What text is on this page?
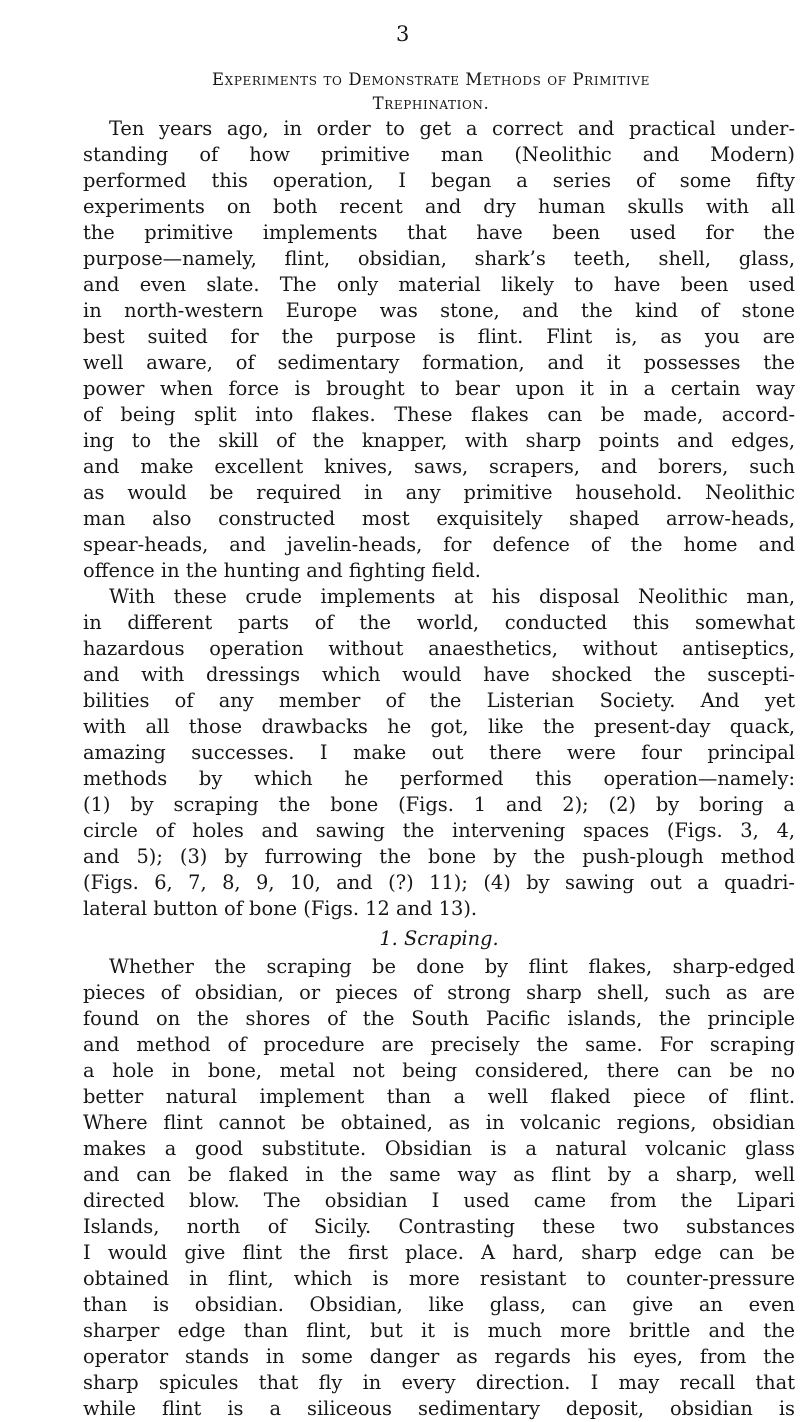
3
Experiments to Demonstrate Methods of Primitive
Trephination.
Ten years ago, in order to get a correct and practical under-
standing of how primitive man (Neolithic and Modern)
performed this operation, I began a series of some fifty
experiments on both recent and dry human skulls with all
the primitive implements that have been used for the
purpose—namely, flint, obsidian, shark’s teeth, shell, glass,
and even slate. The only material likely to have been used
in north-western Europe was stone, and the kind of stone
best suited for the purpose is flint. Flint is, as you are
well aware, of sedimentary formation, and it possesses the
power when force is brought to bear upon it in a certain way
of being split into flakes. These flakes can be made, accord-
ing to the skill of the knapper, with sharp points and edges,
and make excellent knives, saws, scrapers, and borers, such
as would be required in any primitive household. Neolithic
man also constructed most exquisitely shaped arrow-heads,
spear-heads, and javelin-heads, for defence of the home and
offence in the hunting and fighting field.
With these crude implements at his disposal Neolithic man,
in different parts of the world, conducted this somewhat
hazardous operation without anaesthetics, without antiseptics,
and with dressings which would have shocked the suscepti-
bilities of any member of the Listerian Society. And yet
with all those drawbacks he got, like the present-day quack,
amazing successes. I make out there were four principal
methods by which he performed this operation—namely:
(1) by scraping the bone (Figs. 1 and 2); (2) by boring a
circle of holes and sawing the intervening spaces (Figs. 3, 4,
and 5); (3) by furrowing the bone by the push-plough method
(Figs. 6, 7, 8, 9, 10, and (?) 11); (4) by sawing out a quadri-
lateral button of bone (Figs. 12 and 13).
1. Scraping.
Whether the scraping be done by flint flakes, sharp-edged
pieces of obsidian, or pieces of strong sharp shell, such as are
found on the shores of the South Pacific islands, the principle
and method of procedure are precisely the same. For scraping
a hole in bone, metal not being considered, there can be no
better natural implement than a well flaked piece of flint.
Where flint cannot be obtained, as in volcanic regions, obsidian
makes a good substitute. Obsidian is a natural volcanic glass
and can be flaked in the same way as flint by a sharp, well
directed blow. The obsidian I used came from the Lipari
Islands, north of Sicily. Contrasting these two substances
I would give flint the first place. A hard, sharp edge can be
obtained in flint, which is more resistant to counter-pressure
than is obsidian. Obsidian, like glass, can give an even
sharper edge than flint, but it is much more brittle and the
operator stands in some danger as regards his eyes, from the
sharp spicules that fly in every direction. I may recall that
while flint is a siliceous sedimentary deposit, obsidian is
